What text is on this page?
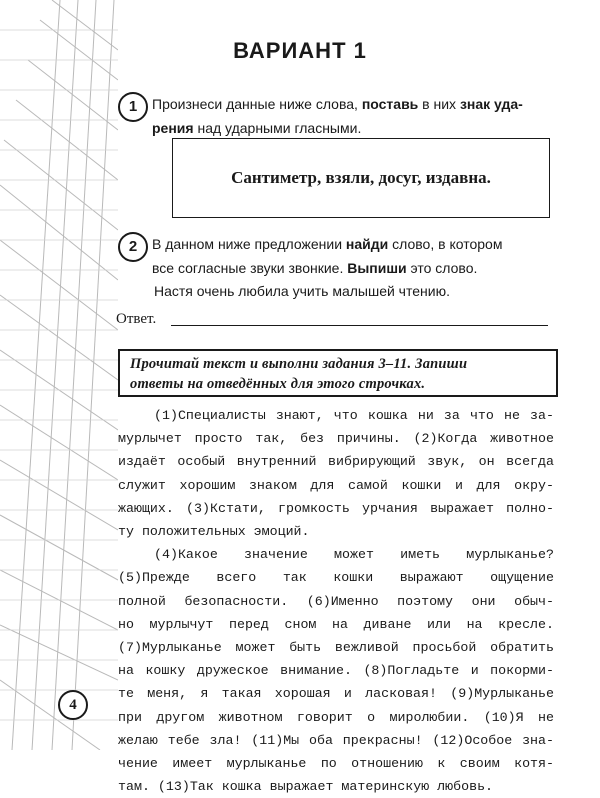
ВАРИАНТ 1
1	Произнеси данные ниже слова, поставь в них знак уда-
рения над ударными гласными.
Сантиметр, взяли, досуг, издавна.
2	В данном ниже предложении найди слово, в котором
все согласные звуки звонкие. Выпиши это слово.
Настя очень любила учить малышей чтению.
Ответ.
Прочитай текст и выполни задания 3–11. Запиши
ответы на отведённых для этого строчках.
(1)Специалисты знают, что кошка ни за что не за-
мурлычет просто так, без причины. (2)Когда животное
издаёт особый внутренний вибрирующий звук, он всегда
служит хорошим знаком для самой кошки и для окру-
жающих. (3)Кстати, громкость урчания выражает полно-
ту положительных эмоций.
(4)Какое значение может иметь мурлыканье?
(5)Прежде всего так кошки выражают ощущение
полной безопасности. (6)Именно поэтому они обыч-
но мурлычут перед сном на диване или на кресле.
(7)Мурлыканье может быть вежливой просьбой обратить
на кошку дружеское внимание. (8)Погладьте и покорми-
те меня, я такая хорошая и ласковая! (9)Мурлыканье
при другом животном говорит о миролюбии. (10)Я не
желаю тебе зла! (11)Мы оба прекрасны! (12)Особое зна-
чение имеет мурлыканье по отношению к своим котя-
там. (13)Так кошка выражает материнскую любовь.
4
